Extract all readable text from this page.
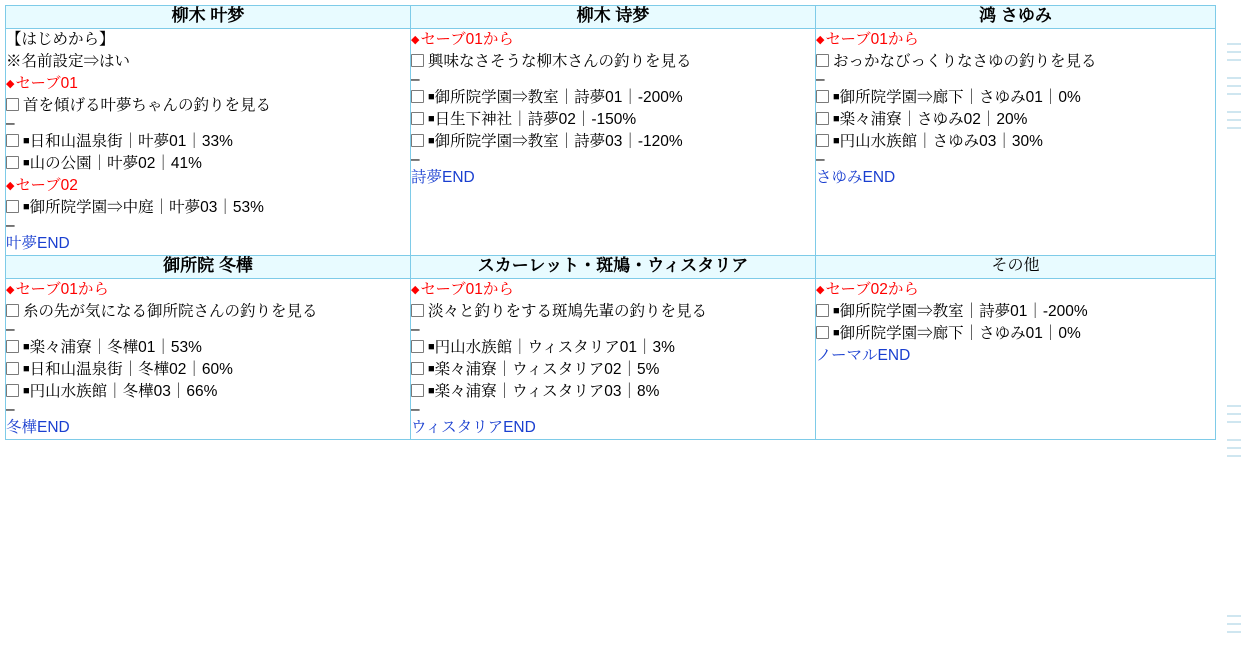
柳木 叶梦	柳木 诗梦	鸿 さゆみ

【はじめから】
※名前設定⇒はい
◆セーブ01
首を傾げる叶夢ちゃんの釣りを見る
–
■日和山温泉街｜叶夢01｜33%
■山の公園｜叶夢02｜41%
◆セーブ02
■御所院学園⇒中庭｜叶夢03｜53%
–
叶夢END

◆セーブ01から
興味なさそうな柳木さんの釣りを見る
–
■御所院学園⇒教室｜詩夢01｜-200%
■日生下神社｜詩夢02｜-150%
■御所院学園⇒教室｜詩夢03｜-120%
–
詩夢END

◆セーブ01から
おっかなびっくりなさゆの釣りを見る
–
■御所院学園⇒廊下｜さゆみ01｜0%
■楽々浦寮｜さゆみ02｜20%
■円山水族館｜さゆみ03｜30%
–
さゆみEND

御所院 冬樺	スカーレット・斑鳩・ウィスタリア	その他

◆セーブ01から
糸の先が気になる御所院さんの釣りを見る
–
■楽々浦寮｜冬樺01｜53%
■日和山温泉街｜冬樺02｜60%
■円山水族館｜冬樺03｜66%
–
冬樺END

◆セーブ01から
淡々と釣りをする斑鳩先輩の釣りを見る
–
■円山水族館｜ウィスタリア01｜3%
■楽々浦寮｜ウィスタリア02｜5%
■楽々浦寮｜ウィスタリア03｜8%
–
ウィスタリアEND

◆セーブ02から
■御所院学園⇒教室｜詩夢01｜-200%
■御所院学園⇒廊下｜さゆみ01｜0%
ノーマルEND
